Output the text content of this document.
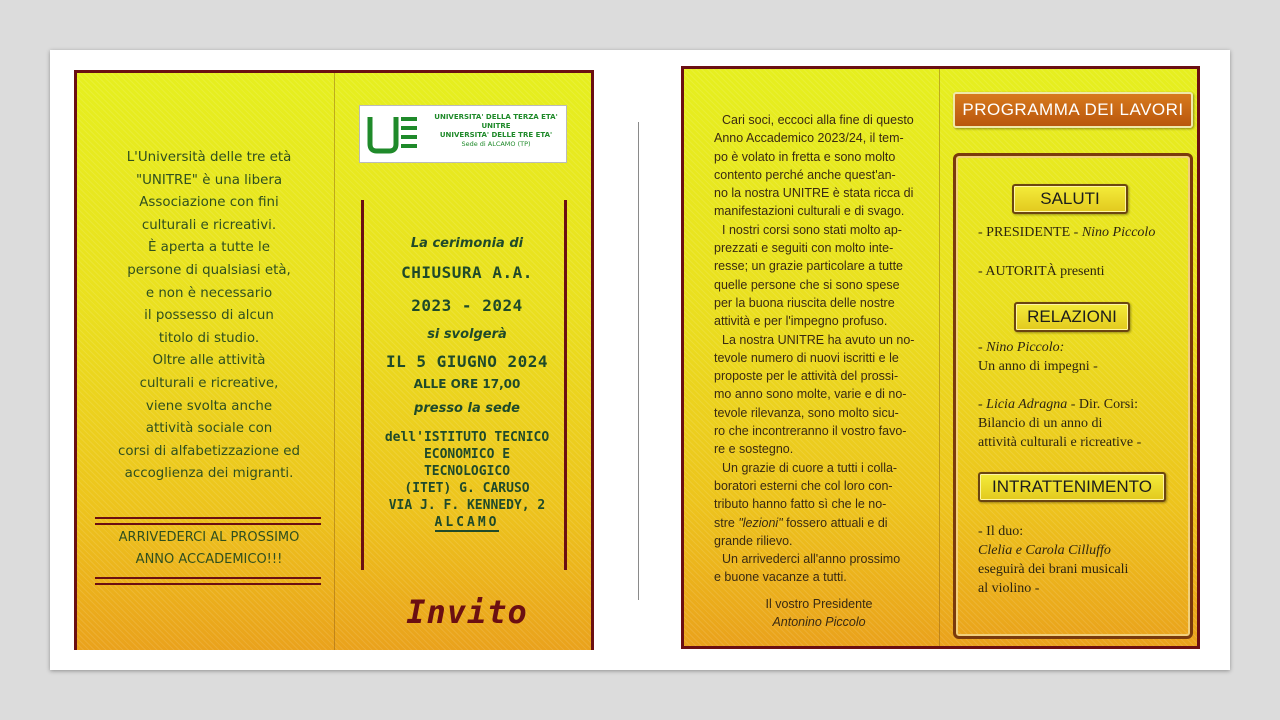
L'Università delle tre età
"UNITRE" è una libera
Associazione con fini
culturali e ricreativi.
È aperta a tutte le
persone di qualsiasi età,
e non è necessario
il possesso di alcun
titolo di studio.
Oltre alle attività
culturali e ricreative,
viene svolta anche
attività sociale con
corsi di alfabetizzazione ed
accoglienza dei migranti.
ARRIVEDERCI AL PROSSIMO
ANNO ACCADEMICO!!!
UNIVERSITA' DELLA TERZA ETA'
UNITRE
UNIVERSITA' DELLE TRE ETA'
Sede di ALCAMO (TP)
La cerimonia di
CHIUSURA A.A.
2023 - 2024
si svolgerà
IL 5 GIUGNO 2024
ALLE ORE 17,00
presso la sede
dell'ISTITUTO TECNICO
ECONOMICO E
TECNOLOGICO
(ITET) G. CARUSO
VIA J. F. KENNEDY, 2
ALCAMO
Invito
Cari soci, eccoci alla fine di questo
Anno Accademico 2023/24, il tem-
po è volato in fretta e sono molto
contento perché anche quest'an-
no la nostra UNITRE è stata ricca di
manifestazioni culturali e di svago.
I nostri corsi sono stati molto ap-
prezzati e seguiti con molto inte-
resse; un grazie particolare a tutte
quelle persone che si sono spese
per la buona riuscita delle nostre
attività e per l'impegno profuso.
La nostra UNITRE ha avuto un no-
tevole numero di nuovi iscritti e le
proposte per le attività del prossi-
mo anno sono molte, varie e di no-
tevole rilevanza, sono molto sicu-
ro che incontreranno il vostro favo-
re e sostegno.
Un grazie di cuore a tutti i colla-
boratori esterni che col loro con-
tributo hanno fatto sì che le no-
stre "lezioni" fossero attuali e di
grande rilievo.
Un arrivederci all'anno prossimo
e buone vacanze a tutti.
Il vostro Presidente
Antonino Piccolo
PROGRAMMA DEI LAVORI
SALUTI
- PRESIDENTE - Nino Piccolo
- AUTORITÀ presenti
RELAZIONI
- Nino Piccolo:
Un anno di impegni -
- Licia Adragna - Dir. Corsi:
Bilancio di un anno di
attività culturali e ricreative -
INTRATTENIMENTO
- Il duo:
Clelia e Carola Cilluffo
eseguirà dei brani musicali
al violino -
